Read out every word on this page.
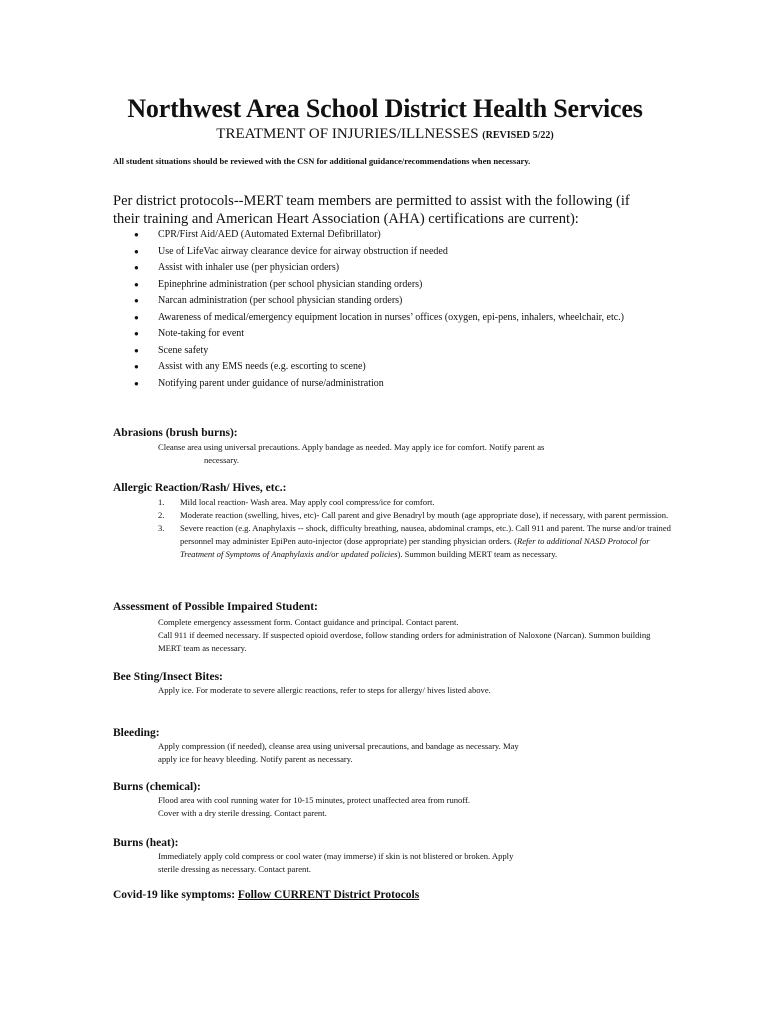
Northwest Area School District Health Services
TREATMENT OF INJURIES/ILLNESSES (REVISED 5/22)
All student situations should be reviewed with the CSN for additional guidance/recommendations when necessary.
Per district protocols--MERT team members are permitted to assist with the following (if their training and American Heart Association (AHA) certifications are current):
● CPR/First Aid/AED (Automated External Defibrillator)
● Use of LifeVac airway clearance device for airway obstruction if needed
● Assist with inhaler use (per physician orders)
● Epinephrine administration (per school physician standing orders)
● Narcan administration (per school physician standing orders)
● Awareness of medical/emergency equipment location in nurses’ offices (oxygen, epi-pens, inhalers, wheelchair, etc.)
● Note-taking for event
● Scene safety
● Assist with any EMS needs (e.g. escorting to scene)
● Notifying parent under guidance of nurse/administration

Abrasions (brush burns):

Cleanse area using universal precautions. Apply bandage as needed. May apply ice for comfort. Notify parent as
necessary.

Allergic Reaction/Rash/ Hives, etc.:

1. Mild local reaction- Wash area. May apply cool compress/ice for comfort.
2. Moderate reaction (swelling, hives, etc)- Call parent and give Benadryl by mouth (age appropriate dose), if necessary, with parent permission.
3. Severe reaction (e.g. Anaphylaxis -- shock, difficulty breathing, nausea, abdominal cramps, etc.). Call 911 and parent. The nurse and/or trained personnel may administer EpiPen auto-injector (dose appropriate) per standing physician orders. (Refer to additional NASD Protocol for Treatment of Symptoms of Anaphylaxis and/or updated policies). Summon building MERT team as necessary.

Assessment of Possible Impaired Student:

Complete emergency assessment form. Contact guidance and principal. Contact parent.
Call 911 if deemed necessary. If suspected opioid overdose, follow standing orders for administration of Naloxone (Narcan). Summon building MERT team as necessary.

Bee Sting/Insect Bites:

Apply ice. For moderate to severe allergic reactions, refer to steps for allergy/ hives listed above.

Bleeding:

Apply compression (if needed), cleanse area using universal precautions, and bandage as necessary. May apply ice for heavy bleeding. Notify parent as necessary.

Burns (chemical):

Flood area with cool running water for 10-15 minutes, protect unaffected area from runoff.
Cover with a dry sterile dressing. Contact parent.

Burns (heat):

Immediately apply cold compress or cool water (may immerse) if skin is not blistered or broken. Apply sterile dressing as necessary. Contact parent.

Covid-19 like symptoms: Follow CURRENT District Protocols
